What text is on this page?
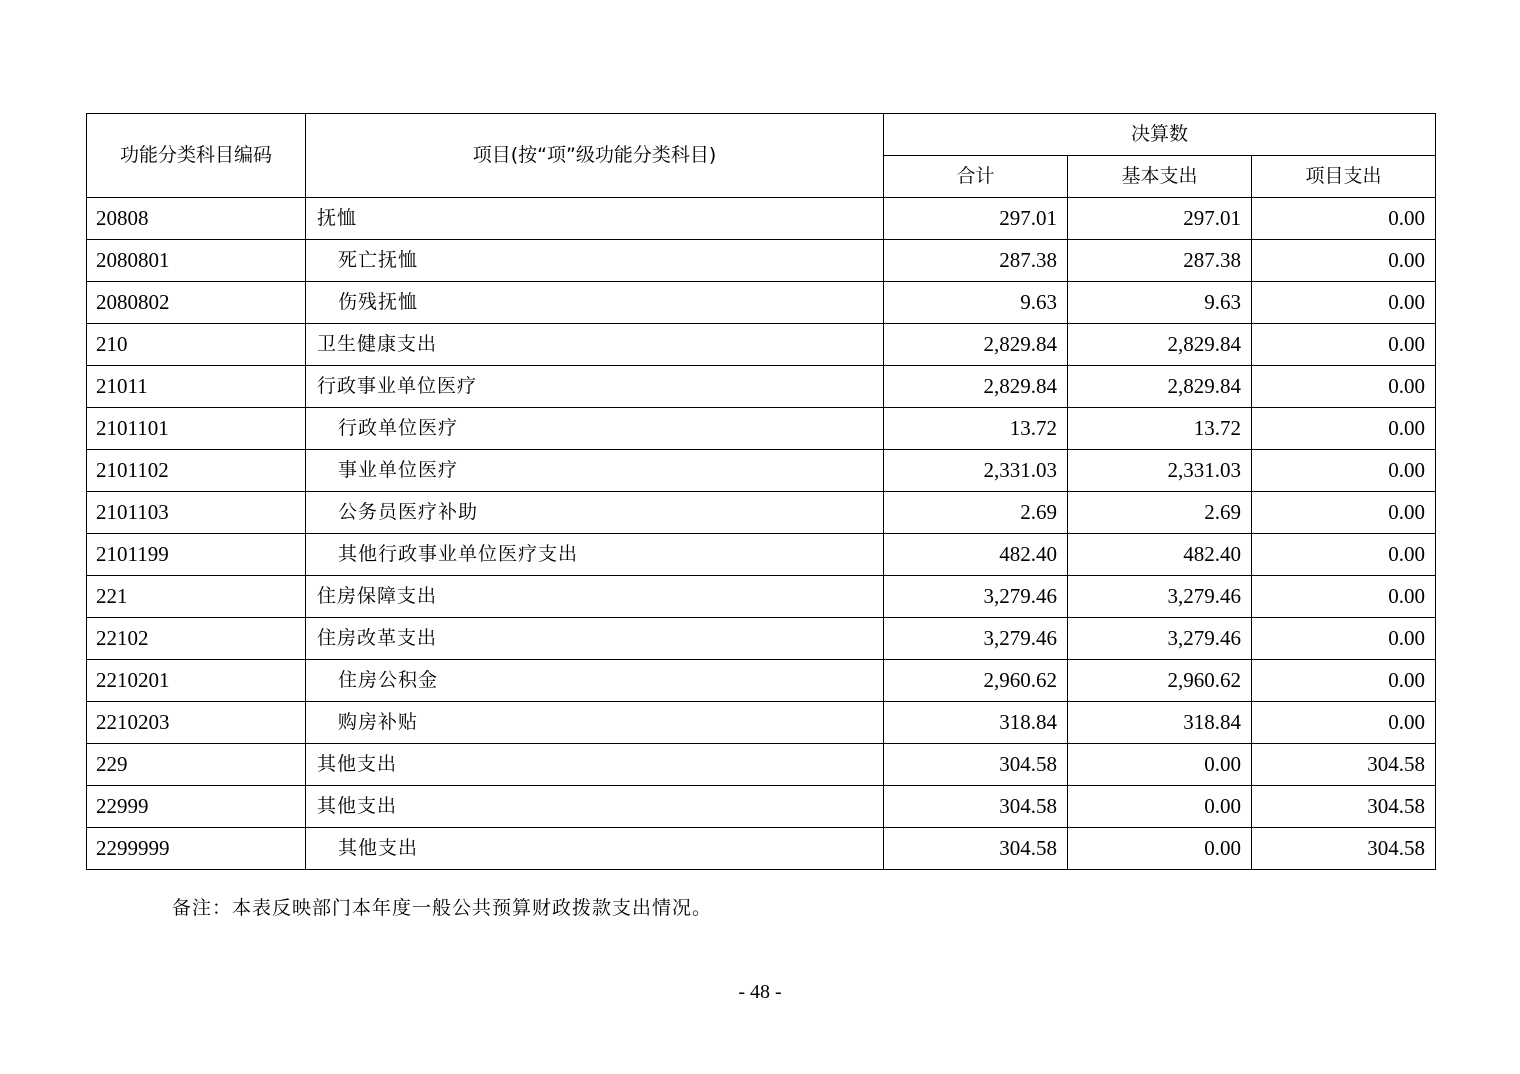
功能分类科目编码	项目(按“项”级功能分类科目)	决算数		
		合计	基本支出	项目支出
20808	抚恤	297.01	297.01	0.00
2080801	死亡抚恤	287.38	287.38	0.00
2080802	伤残抚恤	9.63	9.63	0.00
210	卫生健康支出	2,829.84	2,829.84	0.00
21011	行政事业单位医疗	2,829.84	2,829.84	0.00
2101101	行政单位医疗	13.72	13.72	0.00
2101102	事业单位医疗	2,331.03	2,331.03	0.00
2101103	公务员医疗补助	2.69	2.69	0.00
2101199	其他行政事业单位医疗支出	482.40	482.40	0.00
221	住房保障支出	3,279.46	3,279.46	0.00
22102	住房改革支出	3,279.46	3,279.46	0.00
2210201	住房公积金	2,960.62	2,960.62	0.00
2210203	购房补贴	318.84	318.84	0.00
229	其他支出	304.58	0.00	304.58
22999	其他支出	304.58	0.00	304.58
2299999	其他支出	304.58	0.00	304.58
备注：本表反映部门本年度一般公共预算财政拨款支出情况。
- 48 -
